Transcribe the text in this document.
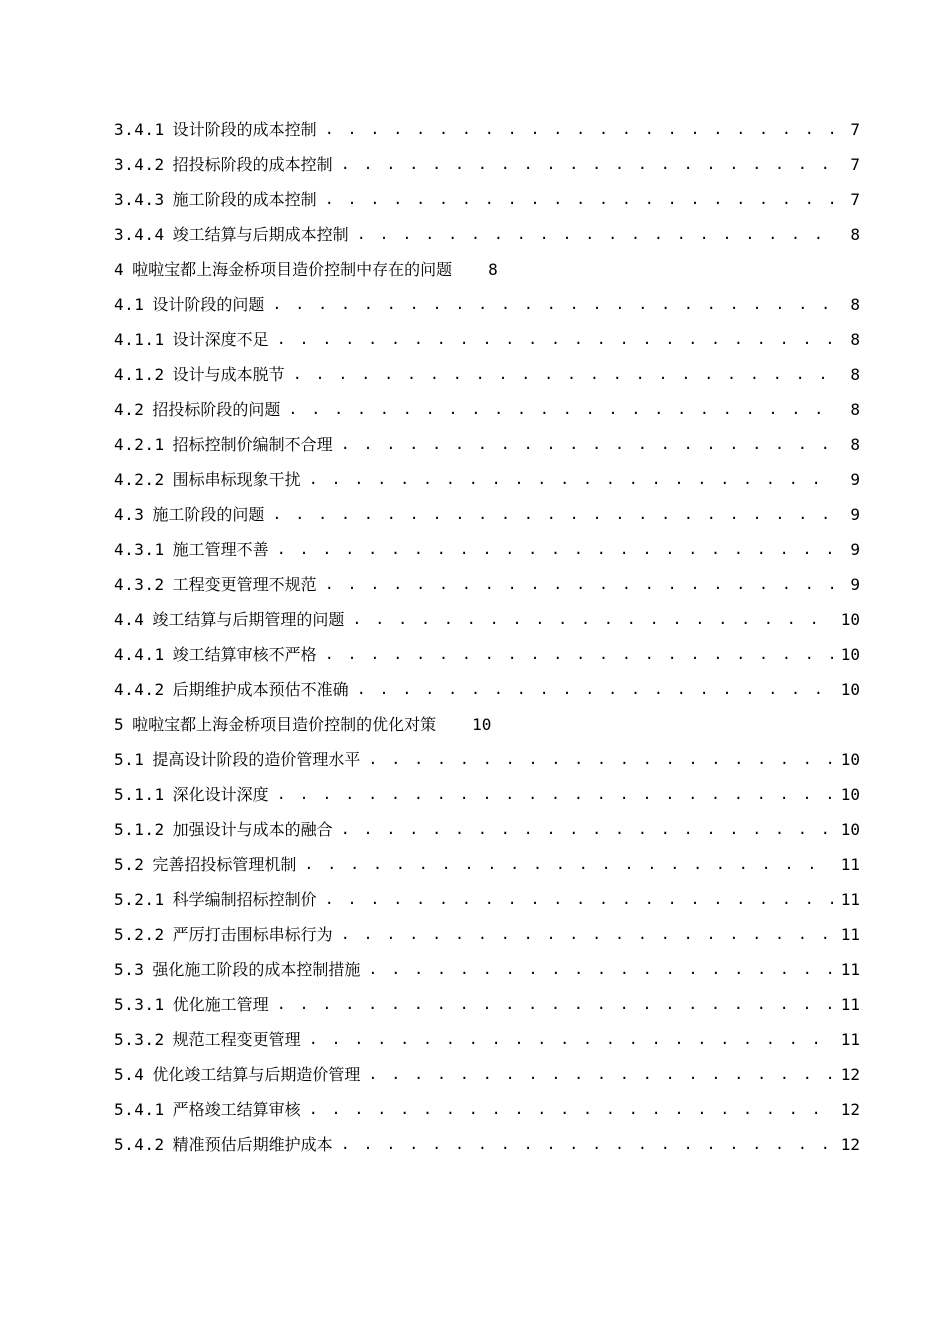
3.4.1 设计阶段的成本控制 . . .	7
3.4.2 招投标阶段的成本控制 . . .	7
3.4.3 施工阶段的成本控制 . . .	7
3.4.4 竣工结算与后期成本控制 . . .	8
4 啦啦宝都上海金桥项目造价控制中存在的问题 8
4.1 设计阶段的问题 . . .	8
4.1.1 设计深度不足 . . .	8
4.1.2 设计与成本脱节 . . .	8
4.2 招投标阶段的问题 . . .	8
4.2.1 招标控制价编制不合理 . . .	8
4.2.2 围标串标现象干扰 . . .	9
4.3 施工阶段的问题 . . .	9
4.3.1 施工管理不善 . . .	9
4.3.2 工程变更管理不规范 . . .	9
4.4 竣工结算与后期管理的问题 . . .	10
4.4.1 竣工结算审核不严格 . . .	10
4.4.2 后期维护成本预估不准确 . . .	10
5 啦啦宝都上海金桥项目造价控制的优化对策 10
5.1 提高设计阶段的造价管理水平 . . .	10
5.1.1 深化设计深度 . . .	10
5.1.2 加强设计与成本的融合 . . .	10
5.2 完善招投标管理机制 . . .	11
5.2.1 科学编制招标控制价 . . .	11
5.2.2 严厉打击围标串标行为 . . .	11
5.3 强化施工阶段的成本控制措施 . . .	11
5.3.1 优化施工管理 . . .	11
5.3.2 规范工程变更管理 . . .	11
5.4 优化竣工结算与后期造价管理 . . .	12
5.4.1 严格竣工结算审核 . . .	12
5.4.2 精准预估后期维护成本 . . .	12
